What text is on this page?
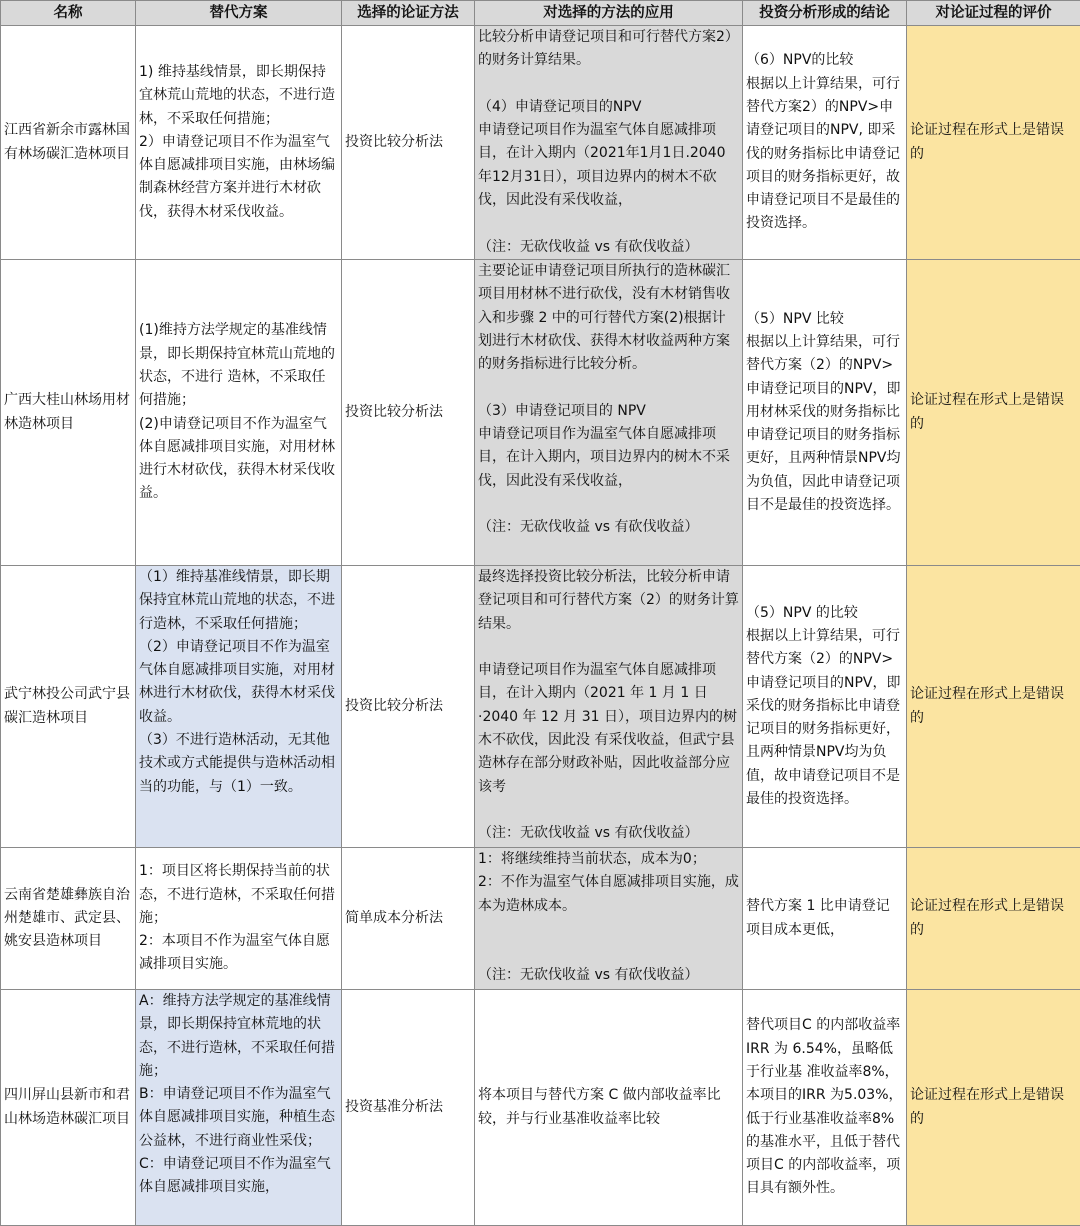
名称	替代方案	选择的论证方法	对选择的方法的应用	投资分析形成的结论	对论证过程的评价
江西省新余市露林国有林场碳汇造林项目	1) 维持基线情景，即长期保持宜林荒山荒地的状态，不进行造林，不采取任何措施；
2）申请登记项目不作为温室气体自愿减排项目实施，由林场编制森林经营方案并进行木材砍伐，获得木材采伐收益。	投资比较分析法	比较分析申请登记项目和可行替代方案2）的财务计算结果。
（4）申请登记项目的NPV
申请登记项目作为温室气体自愿减排项目，在计入期内（2021年1月1日.2040年12月31日），项目边界内的树木不砍伐，因此没有采伐收益，
（注：无砍伐收益 vs 有砍伐收益）	（6）NPV的比较
根据以上计算结果，可行替代方案2）的NPV>申请登记项目的NPV, 即采伐的财务指标比申请登记项目的财务指标更好，故申请登记项目不是最佳的投资选择。	论证过程在形式上是错误的
广西大桂山林场用材林造林项目	(1)维持方法学规定的基准线情景，即长期保持宜林荒山荒地的状态，不进行 造林，不采取任何措施；
(2)申请登记项目不作为温室气体自愿减排项目实施，对用材林进行木材砍伐，获得木材采伐收益。	投资比较分析法	主要论证申请登记项目所执行的造林碳汇项目用材林不进行砍伐，没有木材销售收入和步骤 2 中的可行替代方案(2)根据计划进行木材砍伐、获得木材收益两种方案的财务指标进行比较分析。
（3）申请登记项目的 NPV
申请登记项目作为温室气体自愿减排项目，在计入期内，项目边界内的树木不采伐，因此没有采伐收益，
（注：无砍伐收益 vs 有砍伐收益）	（5）NPV 比较
根据以上计算结果，可行替代方案（2）的NPV>申请登记项目的NPV，即用材林采伐的财务指标比申请登记项目的财务指标更好，且两种情景NPV均为负值，因此申请登记项目不是最佳的投资选择。	论证过程在形式上是错误的
武宁林投公司武宁县碳汇造林项目	（1）维持基准线情景，即长期保持宜林荒山荒地的状态，不进行造林，不采取任何措施；
（2）申请登记项目不作为温室气体自愿减排项目实施，对用材林进行木材砍伐，获得木材采伐收益。
（3）不进行造林活动，无其他技术或方式能提供与造林活动相当的功能，与（1）一致。	投资比较分析法	最终选择投资比较分析法，比较分析申请登记项目和可行替代方案（2）的财务计算结果。
申请登记项目作为温室气体自愿减排项目，在计入期内（2021 年 1 月 1 日·2040 年 12 月 31 日），项目边界内的树木不砍伐，因此没 有采伐收益，但武宁县造林存在部分财政补贴，因此收益部分应该考
（注：无砍伐收益 vs 有砍伐收益）	（5）NPV 的比较
根据以上计算结果，可行替代方案（2）的NPV>申请登记项目的NPV，即采伐的财务指标比申请登记项目的财务指标更好，且两种情景NPV均为负值，故申请登记项目不是最佳的投资选择。	论证过程在形式上是错误的
云南省楚雄彝族自治州楚雄市、武定县、姚安县造林项目	1：项目区将长期保持当前的状态，不进行造林，不采取任何措施；
2：本项目不作为温室气体自愿减排项目实施。	简单成本分析法	1：将继续维持当前状态，成本为0；
2：不作为温室气体自愿减排项目实施，成本为造林成本。
（注：无砍伐收益 vs 有砍伐收益）	替代方案 1 比申请登记项目成本更低，	论证过程在形式上是错误的
四川屏山县新市和君山林场造林碳汇项目	A：维持方法学规定的基准线情景，即长期保持宜林荒地的状态，不进行造林，不采取任何措施；
B：申请登记项目不作为温室气体自愿减排项目实施，种植生态公益林，不进行商业性采伐；
C：申请登记项目不作为温室气体自愿减排项目实施，	投资基准分析法	将本项目与替代方案 C 做内部收益率比较，并与行业基准收益率比较	替代项目C 的内部收益率 IRR 为 6.54%，虽略低于行业基 准收益率8%，本项目的IRR 为5.03%，低于行业基准收益率8%的基准水平，且低于替代项目C 的内部收益率，项目具有额外性。	论证过程在形式上是错误的
